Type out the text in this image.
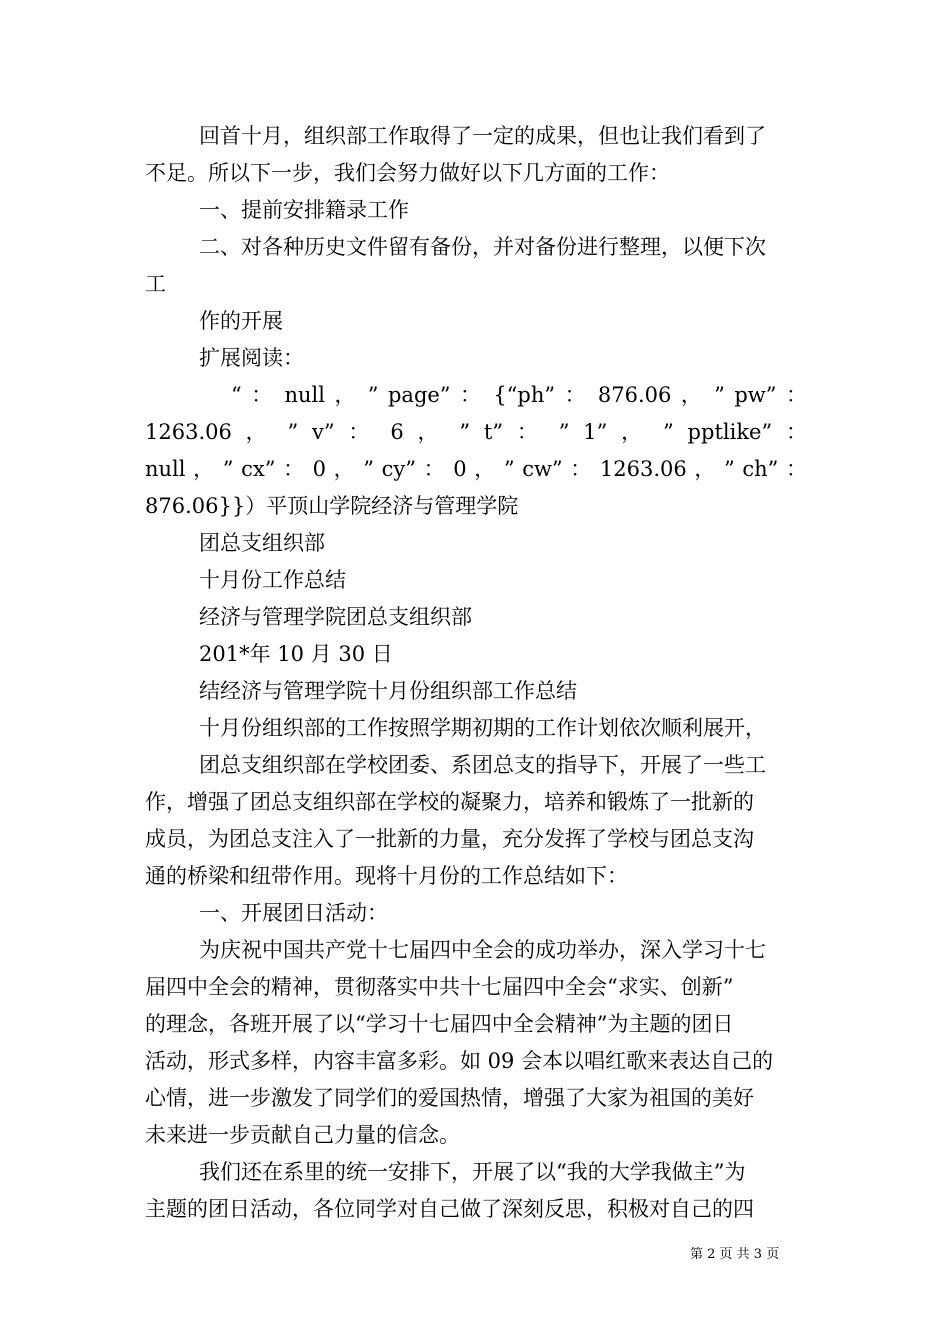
回首十月，组织部工作取得了一定的成果，但也让我们看到了
不足。所以下一步，我们会努力做好以下几方面的工作：
一、提前安排籍录工作
二、对各种历史文件留有备份，并对备份进行整理，以便下次
工
作的开展
扩展阅读：
“ ： null ， ” page” ： {“ph” ： 876.06 ， ” pw” ：
1263.06 ， ” v” ： 6 ， ” t” ： ” 1” ， ” pptlike” ：
null ， ” cx” ： 0 ， ” cy” ： 0 ， ” cw” ： 1263.06 ， ” ch” ：
876.06}}）平顶山学院经济与管理学院
团总支组织部
十月份工作总结
经济与管理学院团总支组织部
201*年 10 月 30 日
结经济与管理学院十月份组织部工作总结
十月份组织部的工作按照学期初期的工作计划依次顺利展开，
团总支组织部在学校团委、系团总支的指导下，开展了一些工
作，增强了团总支组织部在学校的凝聚力，培养和锻炼了一批新的
成员，为团总支注入了一批新的力量，充分发挥了学校与团总支沟
通的桥梁和纽带作用。现将十月份的工作总结如下：
一、开展团日活动：
为庆祝中国共产党十七届四中全会的成功举办，深入学习十七
届四中全会的精神，贯彻落实中共十七届四中全会“求实、创新”
的理念，各班开展了以“学习十七届四中全会精神”为主题的团日
活动，形式多样，内容丰富多彩。如 09 会本以唱红歌来表达自己的
心情，进一步激发了同学们的爱国热情，增强了大家为祖国的美好
未来进一步贡献自己力量的信念。
我们还在系里的统一安排下，开展了以“我的大学我做主”为
主题的团日活动，各位同学对自己做了深刻反思，积极对自己的四
第 2 页 共 3 页
